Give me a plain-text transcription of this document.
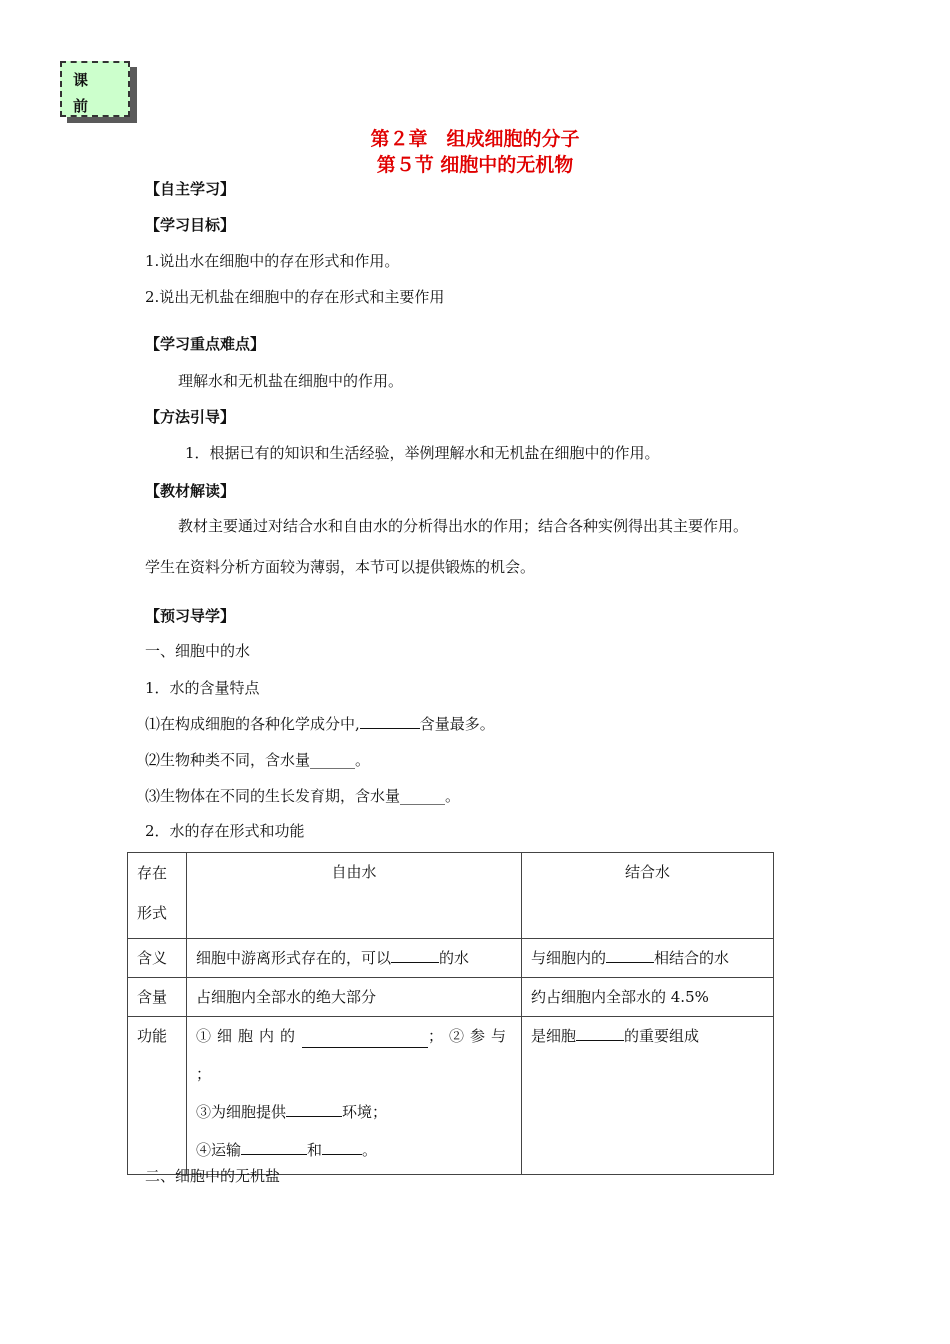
课
前
第２章　组成细胞的分子
第５节 细胞中的无机物
【自主学习】
【学习目标】
1.说出水在细胞中的存在形式和作用。
2.说出无机盐在细胞中的存在形式和主要作用
【学习重点难点】
理解水和无机盐在细胞中的作用。
【方法引导】
1．根据已有的知识和生活经验，举例理解水和无机盐在细胞中的作用。
【教材解读】
教材主要通过对结合水和自由水的分析得出水的作用；结合各种实例得出其主要作用。
学生在资料分析方面较为薄弱，本节可以提供锻炼的机会。
【预习导学】
一、细胞中的水
1．水的含量特点
⑴在构成细胞的各种化学成分中,	含量最多。
⑵生物种类不同，含水量______。
⑶生物体在不同的生长发育期，含水量______。
2．水的存在形式和功能
存在
形式	自由水	结合水

含义	细胞中游离形式存在的，可以 的水	与细胞内的 相结合的水

含量	占细胞内全部水的绝大部分	约占细胞内全部水的 4.5%

功能	①细胞内的 ；②参与
；
③为细胞提供 环境；
④运输 和 。	是细胞 的重要组成
二、细胞中的无机盐
